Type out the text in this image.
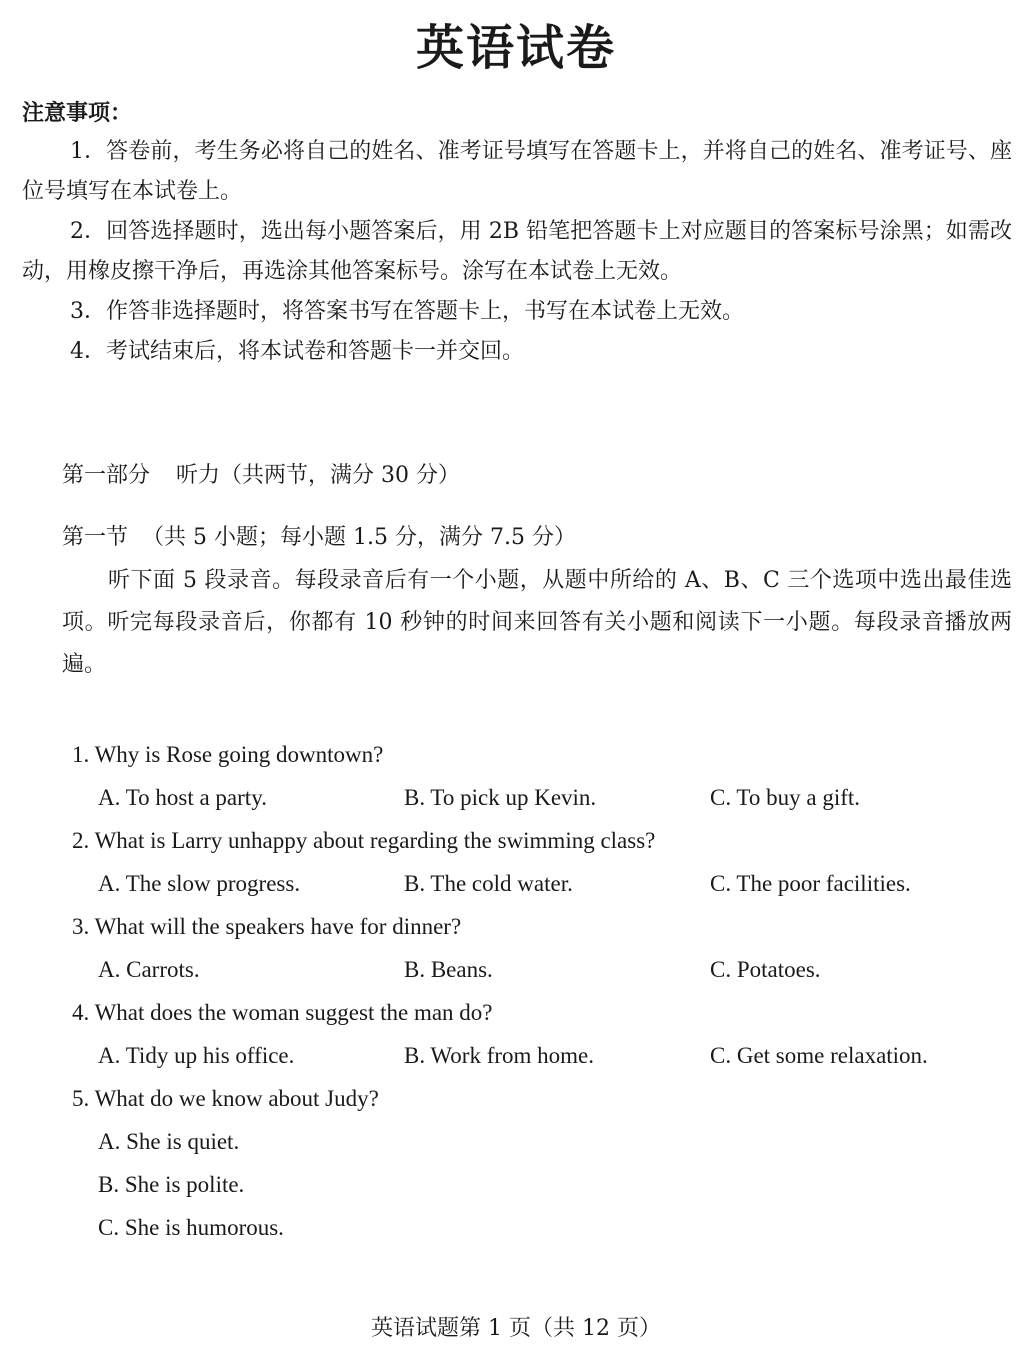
英语试卷
注意事项：

1．答卷前，考生务必将自己的姓名、准考证号填写在答题卡上，并将自己的姓名、准考证号、座位号填写在本试卷上。

2．回答选择题时，选出每小题答案后，用 2B 铅笔把答题卡上对应题目的答案标号涂黑；如需改动，用橡皮擦干净后，再选涂其他答案标号。涂写在本试卷上无效。

3．作答非选择题时，将答案书写在答题卡上，书写在本试卷上无效。

4．考试结束后，将本试卷和答题卡一并交回。

第一部分 听力（共两节，满分 30 分）
第一节 （共 5 小题；每小题 1.5 分，满分 7.5 分）

听下面 5 段录音。每段录音后有一个小题，从题中所给的 A、B、C 三个选项中选出最佳选项。听完每段录音后，你都有 10 秒钟的时间来回答有关小题和阅读下一小题。每段录音播放两遍。

1. Why is Rose going downtown?
A. To host a party.	B. To pick up Kevin.	C. To buy a gift.
2. What is Larry unhappy about regarding the swimming class?
A. The slow progress.	B. The cold water.	C. The poor facilities.
3. What will the speakers have for dinner?
A. Carrots.	B. Beans.	C. Potatoes.
4. What does the woman suggest the man do?
A. Tidy up his office.	B. Work from home.	C. Get some relaxation.
5. What do we know about Judy?
A. She is quiet.
B. She is polite.
C. She is humorous.
英语试题第 1 页（共 12 页）
